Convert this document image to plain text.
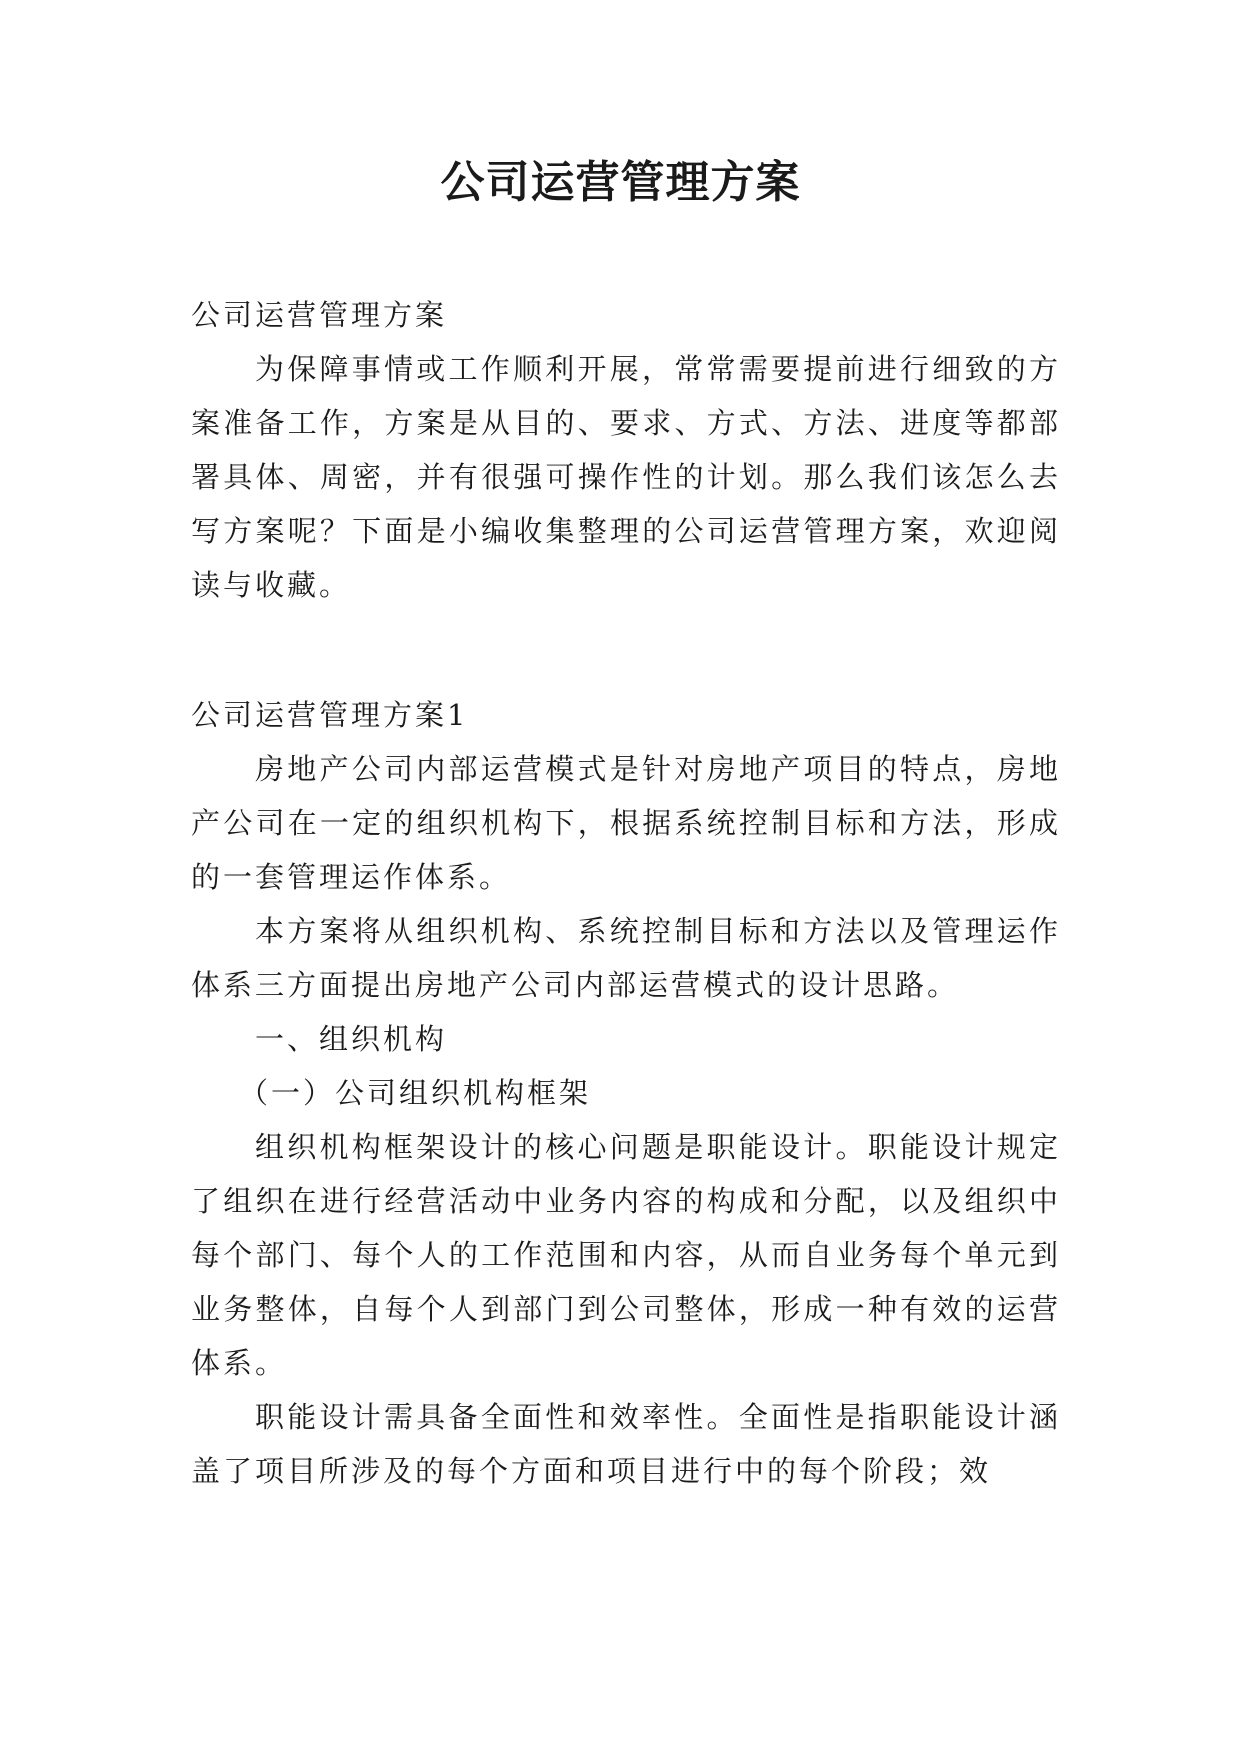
公司运营管理方案

公司运营管理方案

为保障事情或工作顺利开展，常常需要提前进行细致的方案准备工作，方案是从目的、要求、方式、方法、进度等都部署具体、周密，并有很强可操作性的计划。那么我们该怎么去写方案呢？下面是小编收集整理的公司运营管理方案，欢迎阅读与收藏。

公司运营管理方案1

房地产公司内部运营模式是针对房地产项目的特点，房地产公司在一定的组织机构下，根据系统控制目标和方法，形成的一套管理运作体系。

本方案将从组织机构、系统控制目标和方法以及管理运作体系三方面提出房地产公司内部运营模式的设计思路。

一、组织机构

（一）公司组织机构框架

组织机构框架设计的核心问题是职能设计。职能设计规定了组织在进行经营活动中业务内容的构成和分配，以及组织中每个部门、每个人的工作范围和内容，从而自业务每个单元到业务整体，自每个人到部门到公司整体，形成一种有效的运营体系。

职能设计需具备全面性和效率性。全面性是指职能设计涵盖了项目所涉及的每个方面和项目进行中的每个阶段；效
